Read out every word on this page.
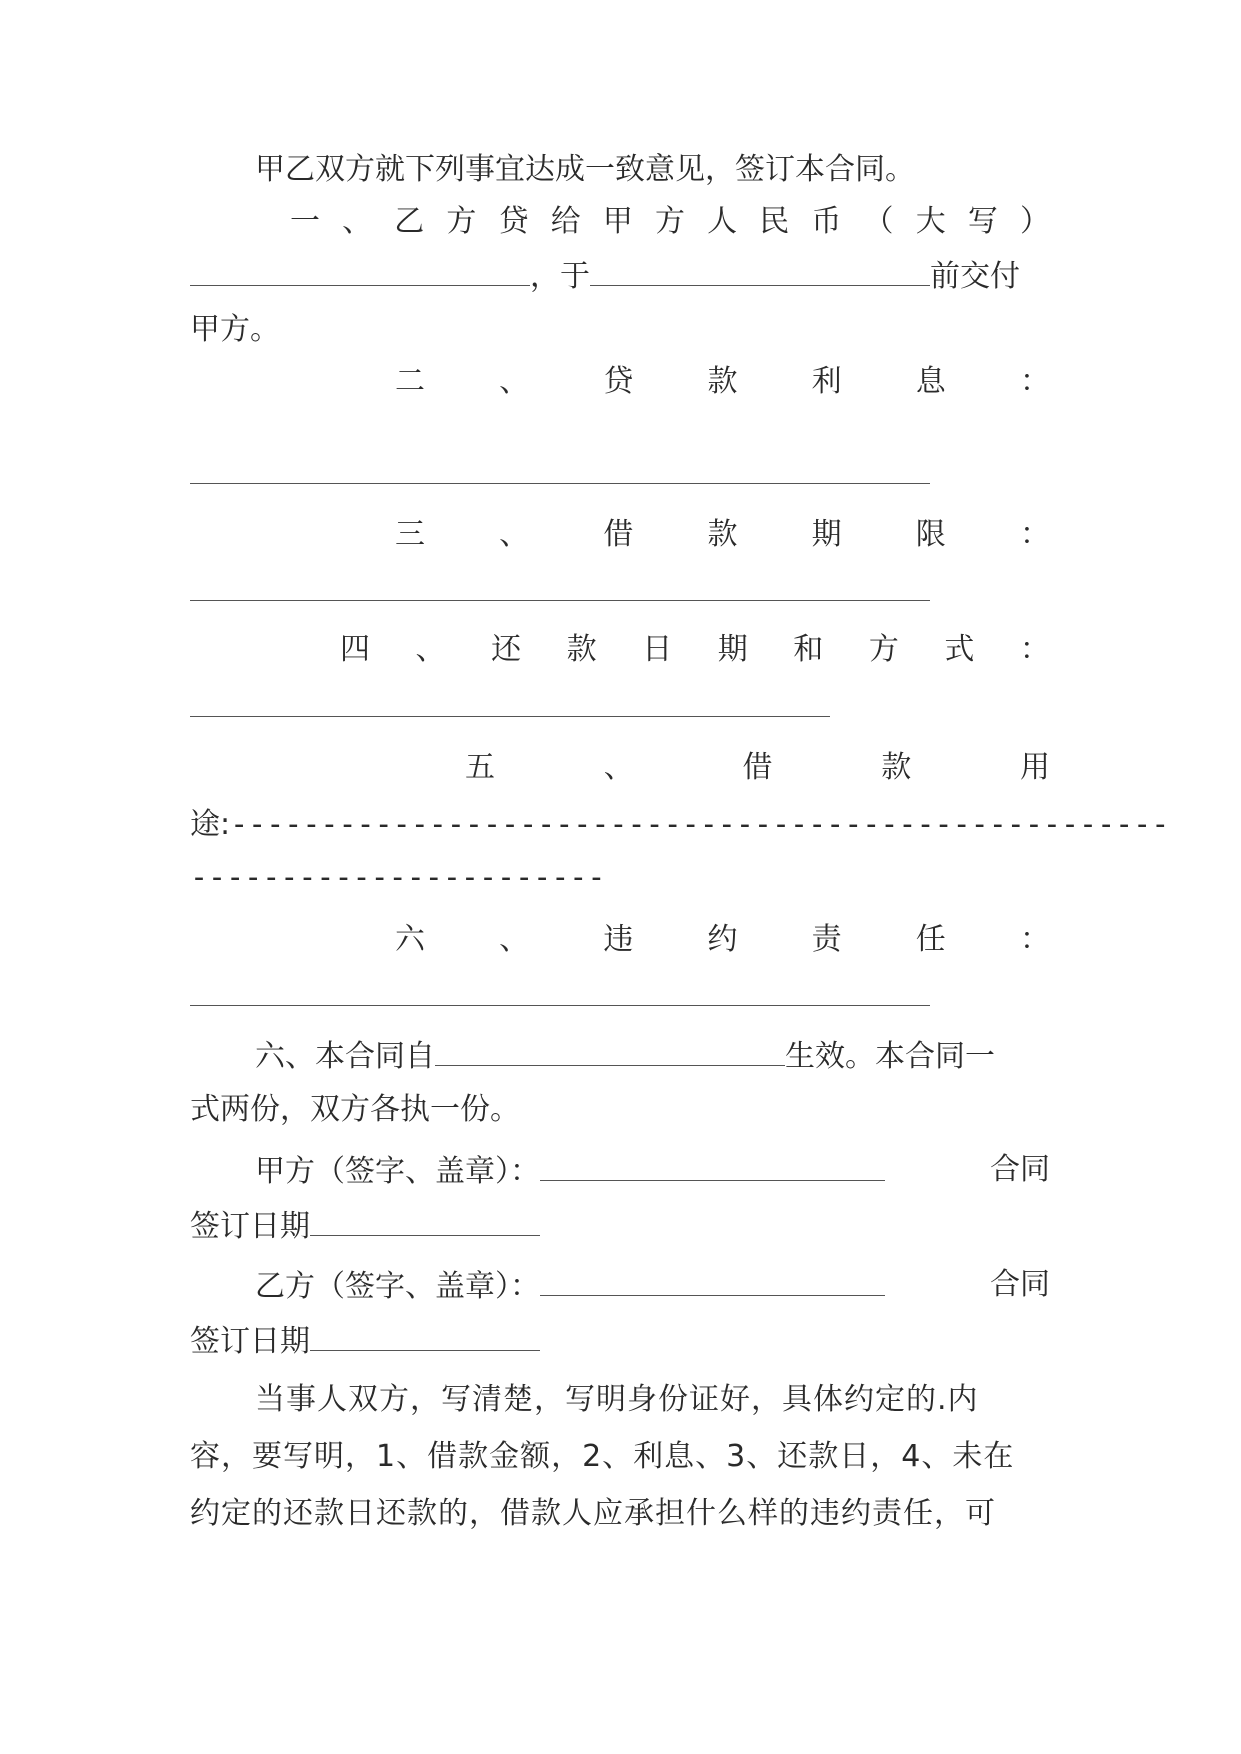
甲乙双方就下列事宜达成一致意见，签订本合同。
一 、 乙 方 贷 给 甲 方 人 民 币 （ 大 写 ）
，于	前交付
甲方。
二 、 贷 款 利 息 ：
三 、 借 款 期 限 ：
四 、 还 款 日 期 和 方 式 ：
五	、	借	款	用
途:----------------------------------------------------
-----------------------
六 、 违 约 责 任 ：
六、本合同自	生效。本合同一
式两份，双方各执一份。
甲方（签字、盖章）：	合同
签订日期
乙方（签字、盖章）：	合同
签订日期
当事人双方，写清楚，写明身份证好，具体约定的.内
容，要写明，1、借款金额，2、利息、3、还款日，4、未在
约定的还款日还款的，借款人应承担什么样的违约责任，可
